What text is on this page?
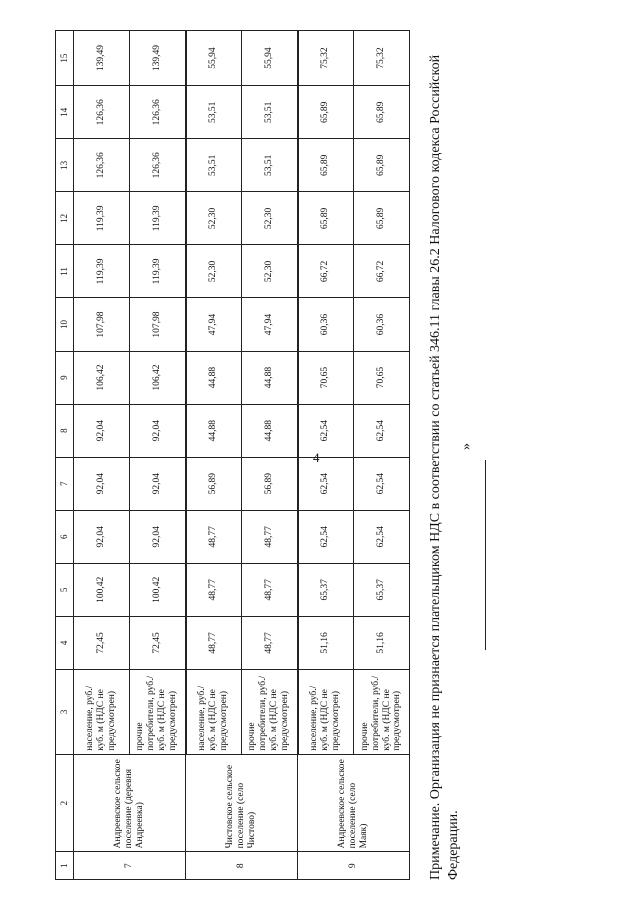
4
1	2	3	4	5	6	7	8	9	10	11	12	13	14	15
7	Андреевское сельское поселение (деревня Андреевка)	население, руб./куб. м (НДС не предусмотрен)	72,45	100,42	92,04	92,04	92,04	106,42	107,98	119,39	119,39	126,36	126,36	139,49
		прочие потребители, руб./куб. м (НДС не предусмотрен)	72,45	100,42	92,04	92,04	92,04	106,42	107,98	119,39	119,39	126,36	126,36	139,49
8	Чистовское сельское поселение (село Чистово)	население, руб./куб. м (НДС не предусмотрен)	48,77	48,77	48,77	56,89	44,88	44,88	47,94	52,30	52,30	53,51	53,51	55,94
		прочие потребители, руб./куб. м (НДС не предусмотрен)	48,77	48,77	48,77	56,89	44,88	44,88	47,94	52,30	52,30	53,51	53,51	55,94
9	Андреевское сельское поселение (село Маяк)	население, руб./куб. м (НДС не предусмотрен)	51,16	65,37	62,54	62,54	62,54	70,65	60,36	66,72	65,89	65,89	65,89	75,32
		прочие потребители, руб./куб. м (НДС не предусмотрен)	51,16	65,37	62,54	62,54	62,54	70,65	60,36	66,72	65,89	65,89	65,89	75,32	Примечание. Организация не признается плательщиком НДС в соответствии со статьей 346.11 главы 26.2 Налогового кодекса Российской Федерации.
»
